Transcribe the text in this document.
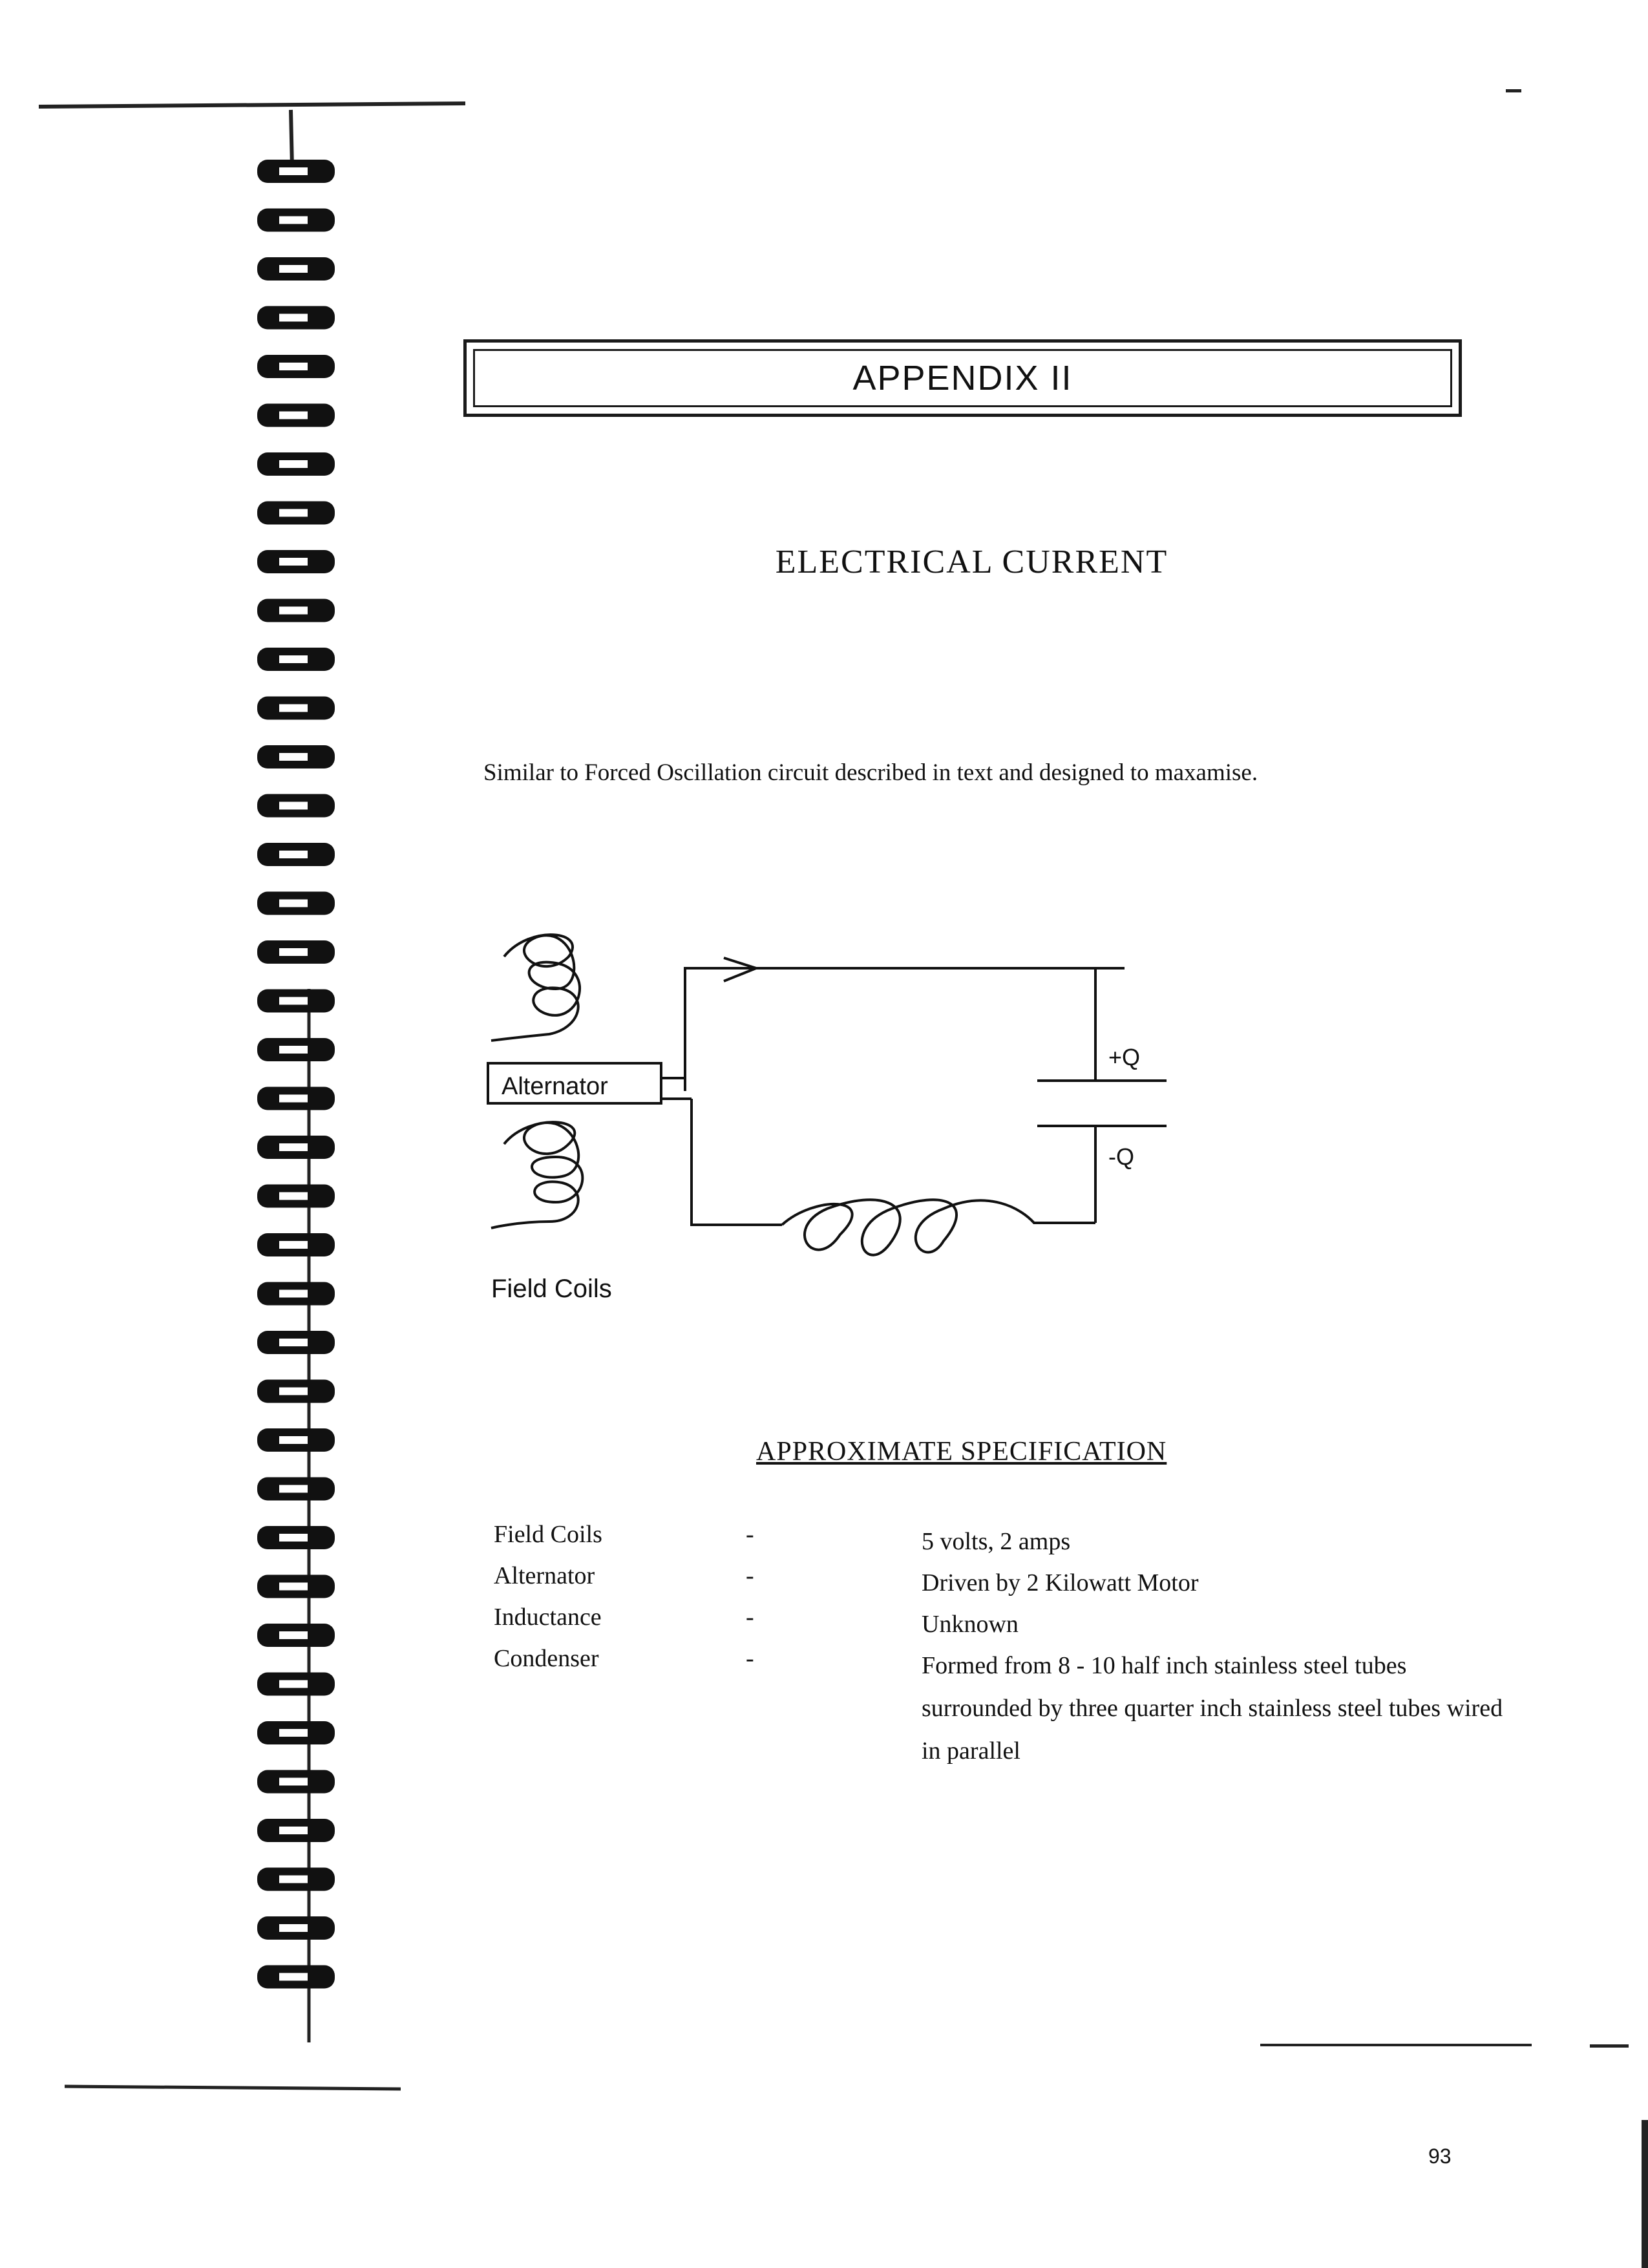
APPENDIX II
ELECTRICAL CURRENT
Similar to Forced Oscillation circuit described in text and designed to maxamise.
Alternator
+Q
-Q
Field Coils
APPROXIMATE SPECIFICATION
Field Coils	-	5 volts, 2 amps
Alternator	-	Driven by 2 Kilowatt Motor
Inductance	-	Unknown
Condenser	-	Formed from 8 - 10 half inch stainless steel tubes surrounded by three quarter inch stainless steel tubes wired in parallel
93
